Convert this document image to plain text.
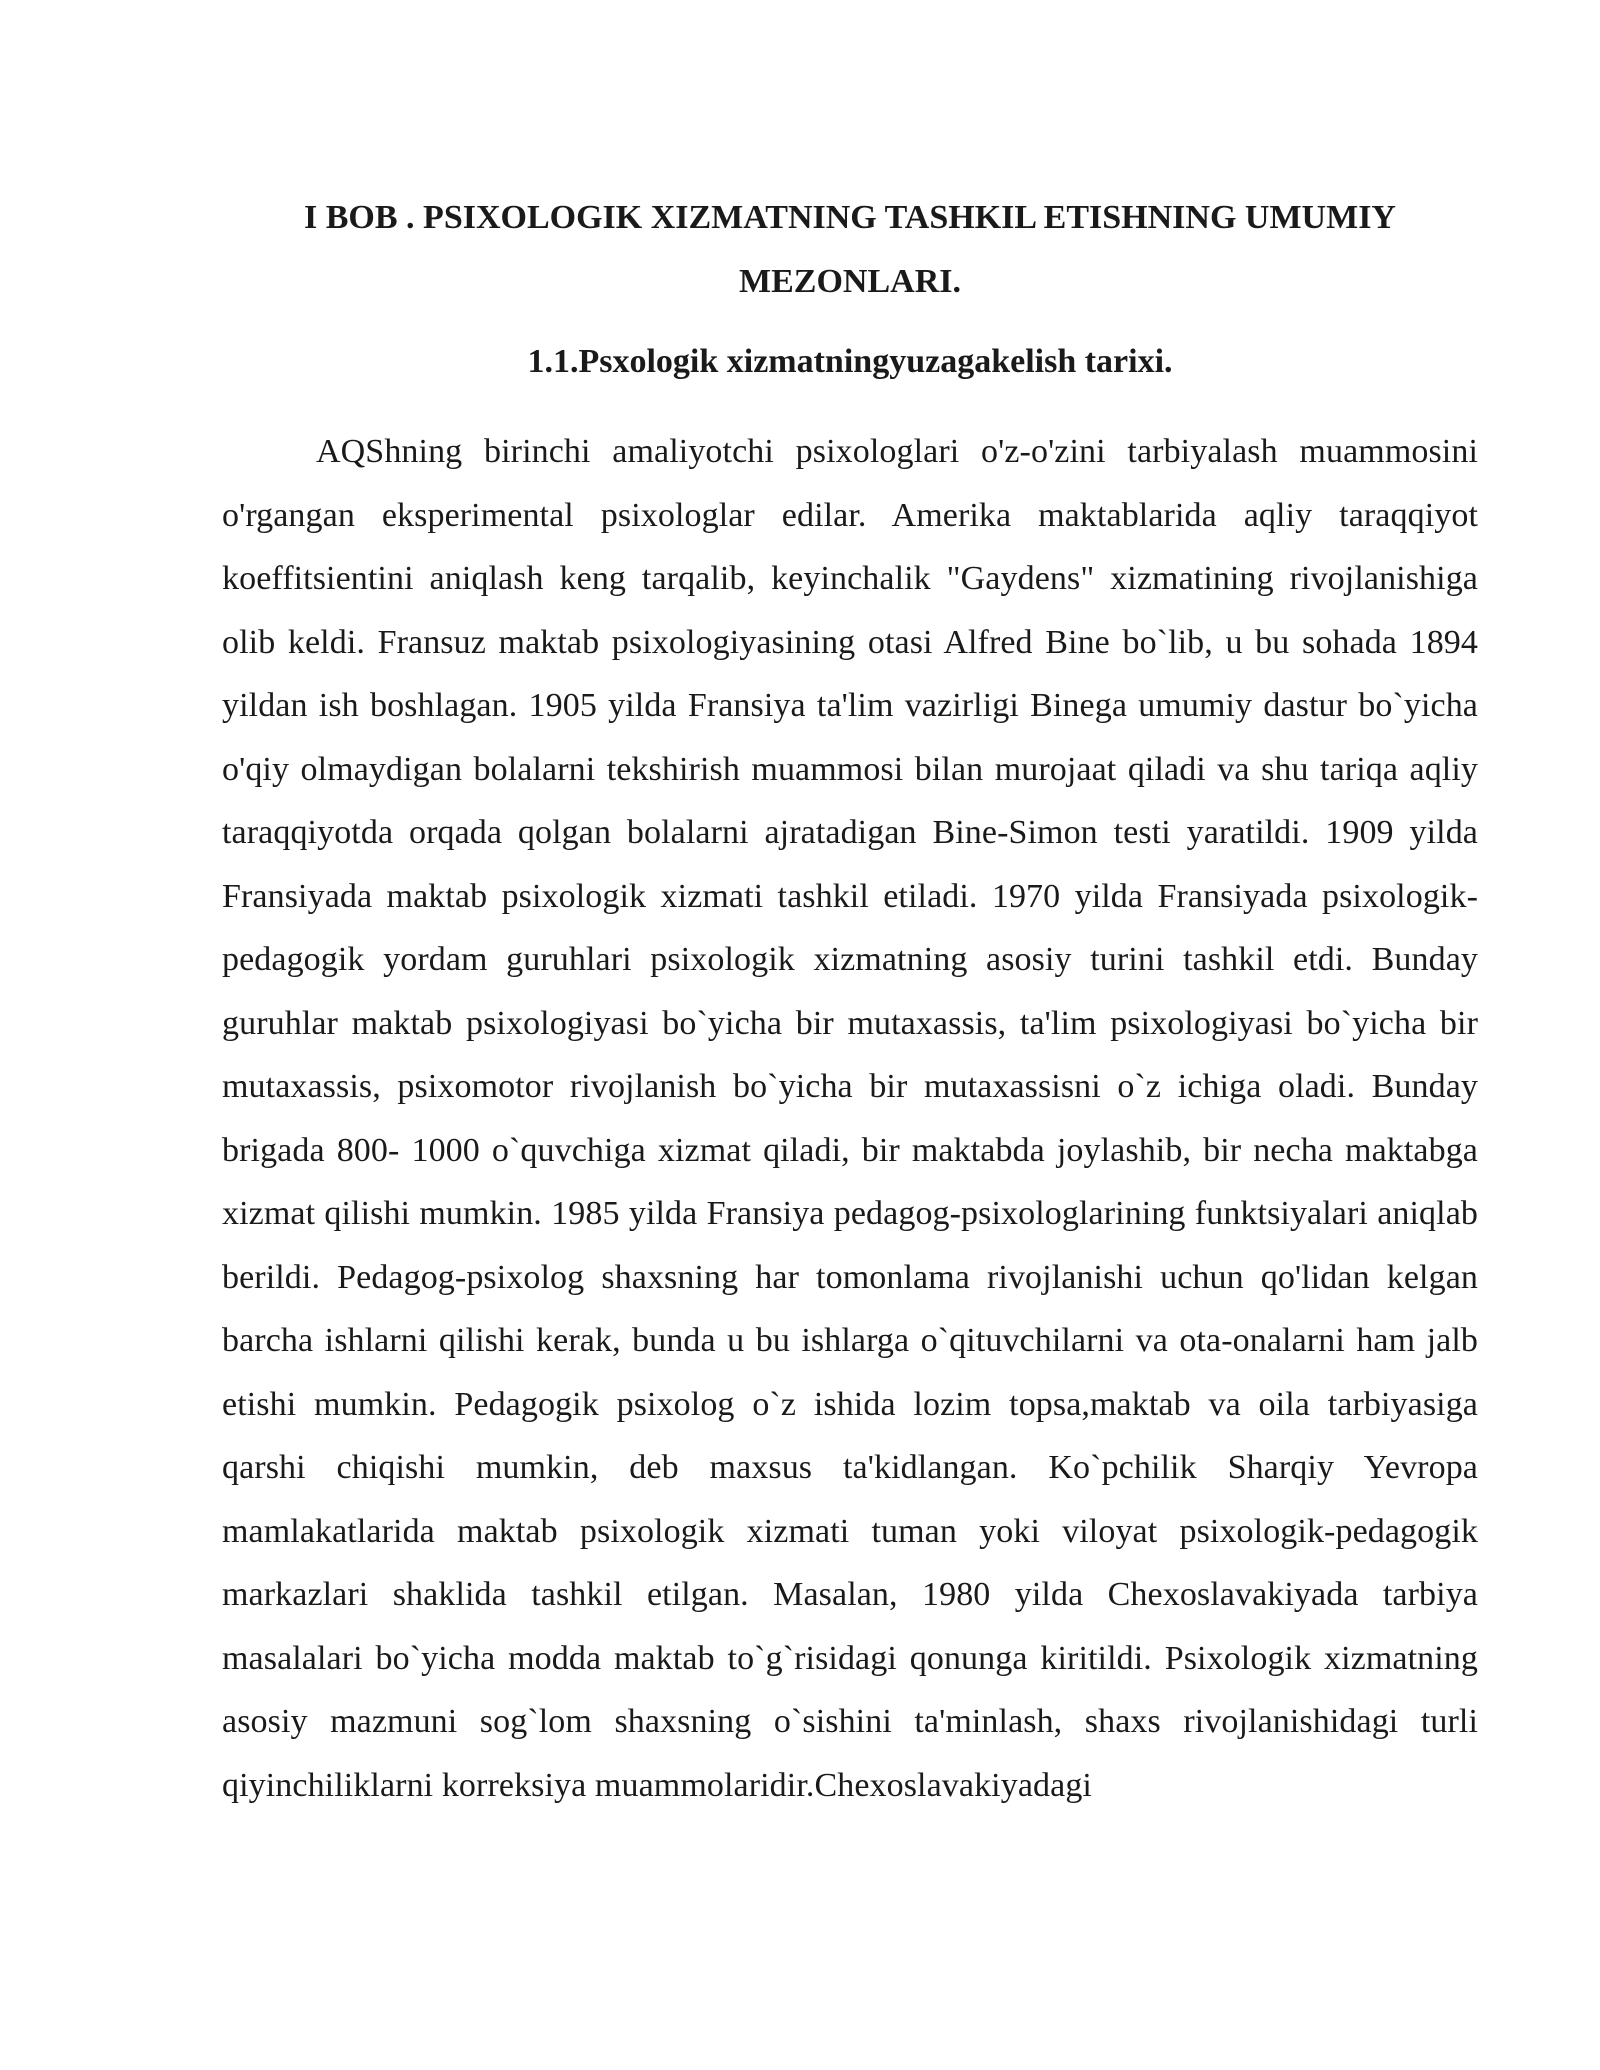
I BOB . PSIXOLOGIK XIZMATNING TASHKIL ETISHNING UMUMIY MEZONLARI.
1.1.Psxologik xizmatningyuzagakelish tarixi.

AQShning birinchi amaliyotchi psixologlari o'z-o'zini tarbiyalash muammosini o'rgangan eksperimental psixologlar edilar. Amerika maktablarida aqliy taraqqiyot koeffitsientini aniqlash keng tarqalib, keyinchalik "Gaydens" xizmatining rivojlanishiga olib keldi. Fransuz maktab psixologiyasining otasi Alfred Bine bo`lib, u bu sohada 1894 yildan ish boshlagan. 1905 yilda Fransiya ta'lim vazirligi Binega umumiy dastur bo`yicha o'qiy olmaydigan bolalarni tekshirish muammosi bilan murojaat qiladi va shu tariqa aqliy taraqqiyotda orqada qolgan bolalarni ajratadigan Bine-Simon testi yaratildi. 1909 yilda Fransiyada maktab psixologik xizmati tashkil etiladi. 1970 yilda Fransiyada psixologik-pedagogik yordam guruhlari psixologik xizmatning asosiy turini tashkil etdi. Bunday guruhlar maktab psixologiyasi bo`yicha bir mutaxassis, ta'lim psixologiyasi bo`yicha bir mutaxassis, psixomotor rivojlanish bo`yicha bir mutaxassisni o`z ichiga oladi. Bunday brigada 800- 1000 o`quvchiga xizmat qiladi, bir maktabda joylashib, bir necha maktabga xizmat qilishi mumkin. 1985 yilda Fransiya pedagog-psixologlarining funktsiyalari aniqlab berildi. Pedagog-psixolog shaxsning har tomonlama rivojlanishi uchun qo'lidan kelgan barcha ishlarni qilishi kerak, bunda u bu ishlarga o`qituvchilarni va ota-onalarni ham jalb etishi mumkin. Pedagogik psixolog o`z ishida lozim topsa,maktab va oila tarbiyasiga qarshi chiqishi mumkin, deb maxsus ta'kidlangan. Ko`pchilik Sharqiy Yevropa mamlakatlarida maktab psixologik xizmati tuman yoki viloyat psixologik-pedagogik markazlari shaklida tashkil etilgan. Masalan, 1980 yilda Chexoslavakiyada tarbiya masalalari bo`yicha modda maktab to`g`risidagi qonunga kiritildi. Psixologik xizmatning asosiy mazmuni sog`lom shaxsning o`sishini ta'minlash, shaxs rivojlanishidagi turli qiyinchiliklarni korreksiya muammolaridir.Chexoslavakiyadagi
